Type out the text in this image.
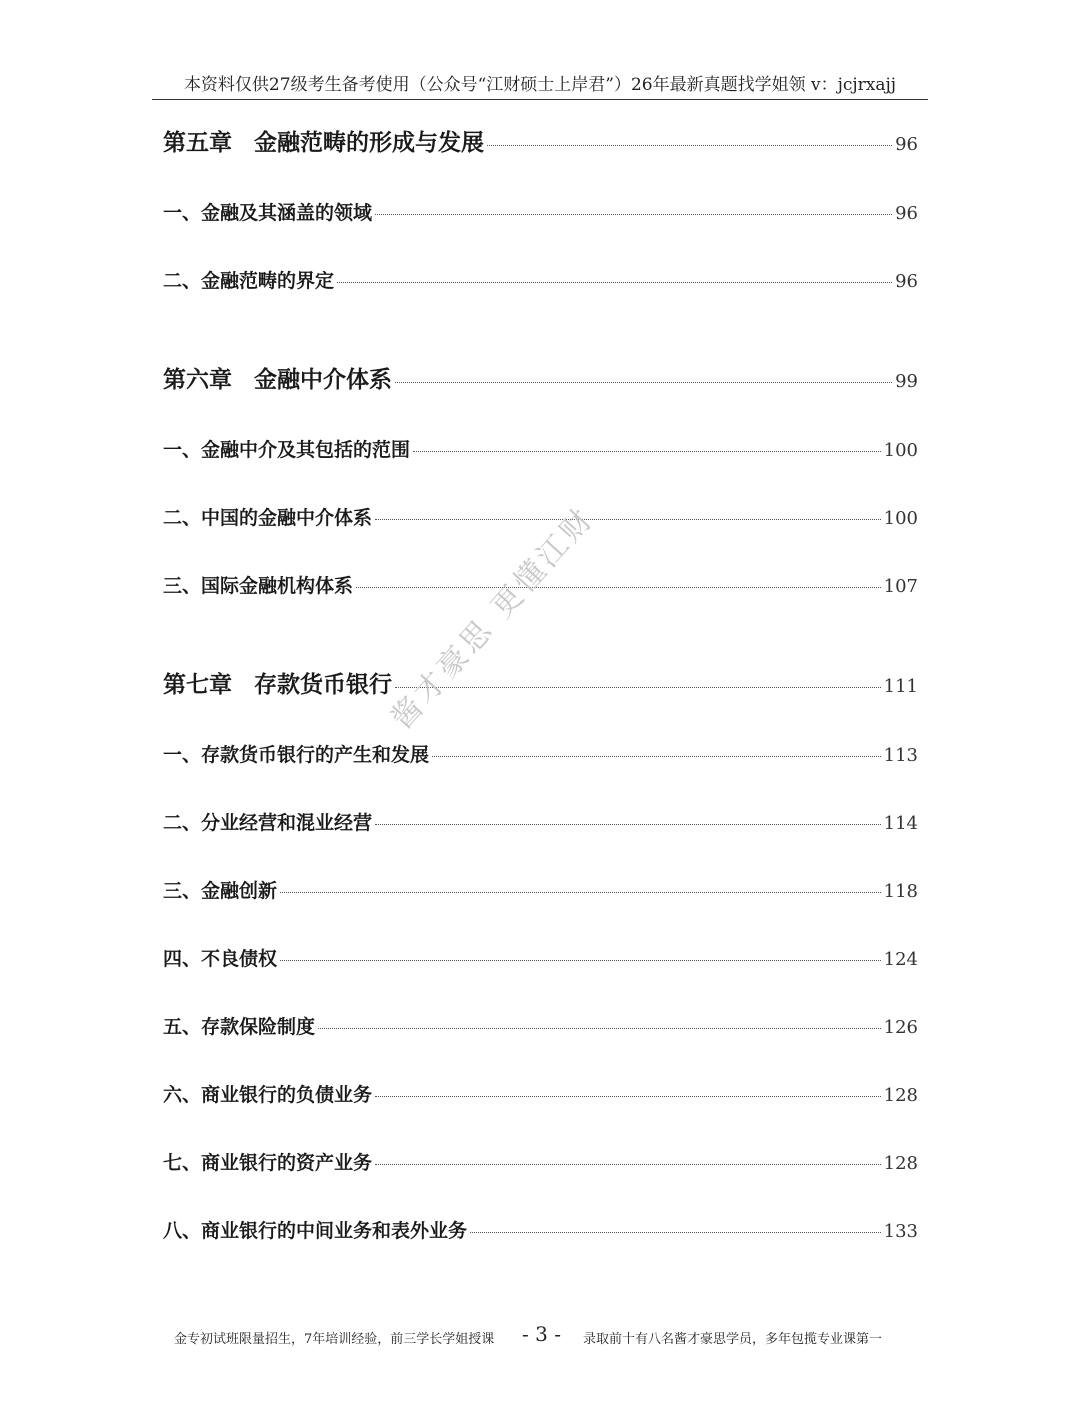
本资料仅供27级考生备考使用（公众号“江财硕士上岸君”）26年最新真题找学姐领 v：jcjrxajj
第五章 金融范畴的形成与发展	96
一、金融及其涵盖的领域	96
二、金融范畴的界定	96
第六章 金融中介体系	99
一、金融中介及其包括的范围	100
二、中国的金融中介体系	100
三、国际金融机构体系	107
第七章 存款货币银行	111
一、存款货币银行的产生和发展	113
二、分业经营和混业经营	114
三、金融创新	118
四、不良债权	124
五、存款保险制度	126
六、商业银行的负债业务	128
七、商业银行的资产业务	128
八、商业银行的中间业务和表外业务	133
酱才豪思 更懂江财
金专初试班限量招生，7年培训经验，前三学长学姐授课 - 3 - 录取前十有八名酱才豪思学员，多年包揽专业课第一
